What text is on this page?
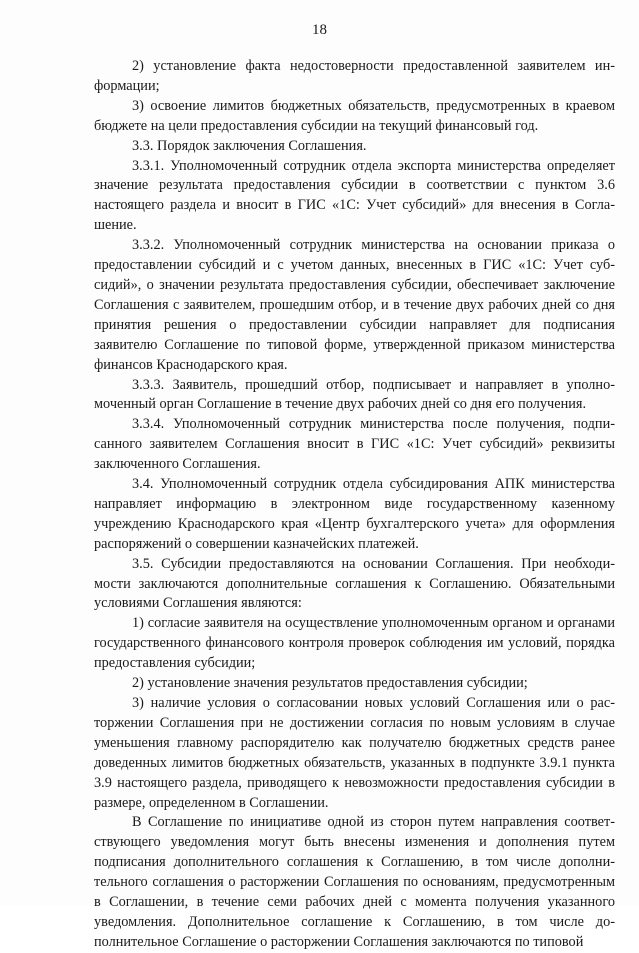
18

2) установление факта недостоверности предоставленной заявителем информации;

3) освоение лимитов бюджетных обязательств, предусмотренных в краевом бюджете на цели предоставления субсидии на текущий финансовый год.

3.3. Порядок заключения Соглашения.

3.3.1. Уполномоченный сотрудник отдела экспорта министерства определяет значение результата предоставления субсидии в соответствии с пунктом 3.6 настоящего раздела и вносит в ГИС «1С: Учет субсидий» для внесения в Соглашение.

3.3.2. Уполномоченный сотрудник министерства на основании приказа о предоставлении субсидий и с учетом данных, внесенных в ГИС «1С: Учет субсидий», о значении результата предоставления субсидии, обеспечивает заключение Соглашения с заявителем, прошедшим отбор, и в течение двух рабочих дней со дня принятия решения о предоставлении субсидии направляет для подписания заявителю Соглашение по типовой форме, утвержденной приказом министерства финансов Краснодарского края.

3.3.3. Заявитель, прошедший отбор, подписывает и направляет в уполномоченный орган Соглашение в течение двух рабочих дней со дня его получения.

3.3.4. Уполномоченный сотрудник министерства после получения, подписанного заявителем Соглашения вносит в ГИС «1С: Учет субсидий» реквизиты заключенного Соглашения.

3.4. Уполномоченный сотрудник отдела субсидирования АПК министерства направляет информацию в электронном виде государственному казенному учреждению Краснодарского края «Центр бухгалтерского учета» для оформления распоряжений о совершении казначейских платежей.

3.5. Субсидии предоставляются на основании Соглашения. При необходимости заключаются дополнительные соглашения к Соглашению. Обязательными условиями Соглашения являются:

1) согласие заявителя на осуществление уполномоченным органом и органами государственного финансового контроля проверок соблюдения им условий, порядка предоставления субсидии;

2) установление значения результатов предоставления субсидии;

3) наличие условия о согласовании новых условий Соглашения или о расторжении Соглашения при не достижении согласия по новым условиям в случае уменьшения главному распорядителю как получателю бюджетных средств ранее доведенных лимитов бюджетных обязательств, указанных в подпункте 3.9.1 пункта 3.9 настоящего раздела, приводящего к невозможности предоставления субсидии в размере, определенном в Соглашении.

В Соглашение по инициативе одной из сторон путем направления соответствующего уведомления могут быть внесены изменения и дополнения путем подписания дополнительного соглашения к Соглашению, в том числе дополнительного соглашения о расторжении Соглашения по основаниям, предусмотренным в Соглашении, в течение семи рабочих дней с момента получения указанного уведомления. Дополнительное соглашение к Соглашению, в том числе дополнительное Соглашение о расторжении Соглашения заключаются по типовой
